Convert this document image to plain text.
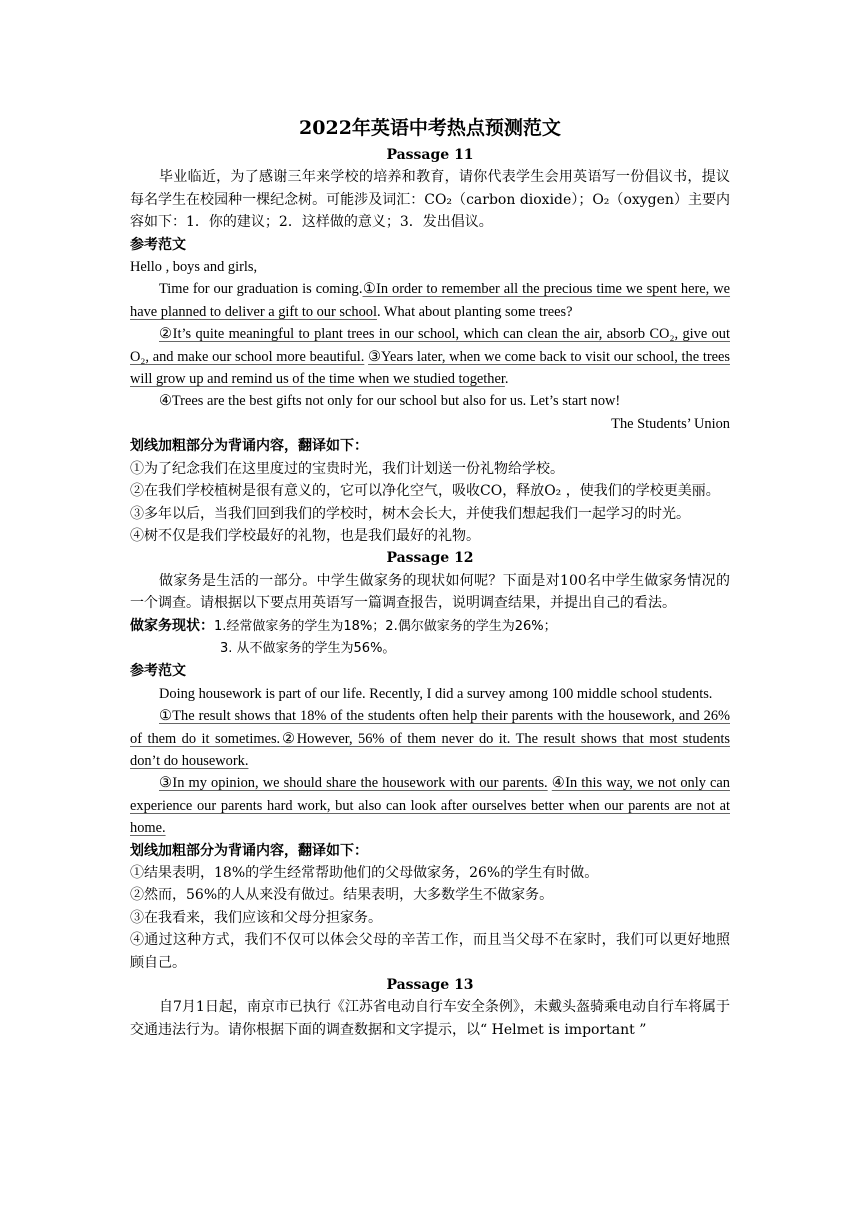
2022年英语中考热点预测范文

Passage 11

毕业临近，为了感谢三年来学校的培养和教育，请你代表学生会用英语写一份倡议书，提议每名学生在校园种一棵纪念树。可能涉及词汇：CO₂（carbon dioxide）；O₂（oxygen）主要内容如下：1．你的建议；2．这样做的意义；3．发出倡议。

参考范文

Hello , boys and girls,

Time for our graduation is coming.①In order to remember all the precious time we spent here, we have planned to deliver a gift to our school. What about planting some trees?

②It’s quite meaningful to plant trees in our school, which can clean the air, absorb CO₂, give out O₂, and make our school more beautiful. ③Years later, when we come back to visit our school, the trees will grow up and remind us of the time when we studied together.

④Trees are the best gifts not only for our school but also for us. Let’s start now!

The Students’ Union

划线加粗部分为背诵内容，翻译如下：

①为了纪念我们在这里度过的宝贵时光，我们计划送一份礼物给学校。

②在我们学校植树是很有意义的，它可以净化空气，吸收CO，释放O₂ ，使我们的学校更美丽。

③多年以后，当我们回到我们的学校时，树木会长大，并使我们想起我们一起学习的时光。

④树不仅是我们学校最好的礼物，也是我们最好的礼物。

Passage 12

做家务是生活的一部分。中学生做家务的现状如何呢？下面是对100名中学生做家务情况的一个调查。请根据以下要点用英语写一篇调查报告，说明调查结果，并提出自己的看法。

做家务现状：1.经常做家务的学生为18%；2.偶尔做家务的学生为26%；

3. 从不做家务的学生为56%。

参考范文

Doing housework is part of our life. Recently, I did a survey among 100 middle school students.

①The result shows that 18% of the students often help their parents with the housework, and 26% of them do it sometimes.②However, 56% of them never do it. The result shows that most students don’t do housework.

③In my opinion, we should share the housework with our parents. ④In this way, we not only can experience our parents hard work, but also can look after ourselves better when our parents are not at home.

划线加粗部分为背诵内容，翻译如下：

①结果表明，18%的学生经常帮助他们的父母做家务，26%的学生有时做。

②然而，56%的人从来没有做过。结果表明，大多数学生不做家务。

③在我看来，我们应该和父母分担家务。

④通过这种方式，我们不仅可以体会父母的辛苦工作，而且当父母不在家时，我们可以更好地照顾自己。

Passage 13

自7月1日起，南京市已执行《江苏省电动自行车安全条例》，未戴头盔骑乘电动自行车将属于交通违法行为。请你根据下面的调查数据和文字提示，以“ Helmet is important ”
